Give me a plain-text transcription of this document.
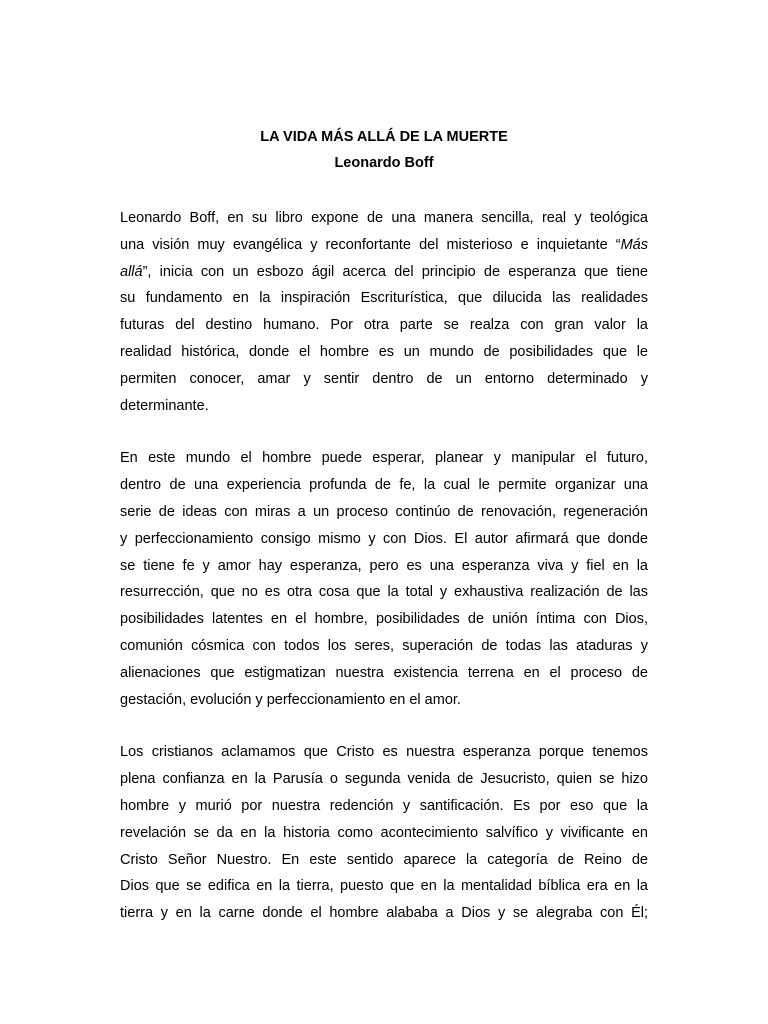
LA VIDA MÁS ALLÁ DE LA MUERTE

Leonardo Boff

Leonardo Boff, en su libro expone de una manera sencilla, real y teológica
una visión muy evangélica y reconfortante del misterioso e inquietante “Más
allá”, inicia con un esbozo ágil acerca del principio de esperanza que tiene
su fundamento en la inspiración Escriturística, que dilucida las realidades
futuras del destino humano. Por otra parte se realza con gran valor la
realidad histórica, donde el hombre es un mundo de posibilidades que le
permiten conocer, amar y sentir dentro de un entorno determinado y
determinante.

En este mundo el hombre puede esperar, planear y manipular el futuro,
dentro de una experiencia profunda de fe, la cual le permite organizar una
serie de ideas con miras a un proceso continúo de renovación, regeneración
y perfeccionamiento consigo mismo y con Dios. El autor afirmará que donde
se tiene fe y amor hay esperanza, pero es una esperanza viva y fiel en la
resurrección, que no es otra cosa que la total y exhaustiva realización de las
posibilidades latentes en el hombre, posibilidades de unión íntima con Dios,
comunión cósmica con todos los seres, superación de todas las ataduras y
alienaciones que estigmatizan nuestra existencia terrena en el proceso de
gestación, evolución y perfeccionamiento en el amor.

Los cristianos aclamamos que Cristo es nuestra esperanza porque tenemos
plena confianza en la Parusía o segunda venida de Jesucristo, quien se hizo
hombre y murió por nuestra redención y santificación. Es por eso que la
revelación se da en la historia como acontecimiento salvífico y vivificante en
Cristo Señor Nuestro. En este sentido aparece la categoría de Reino de
Dios que se edifica en la tierra, puesto que en la mentalidad bíblica era en la
tierra y en la carne donde el hombre alababa a Dios y se alegraba con Él;
